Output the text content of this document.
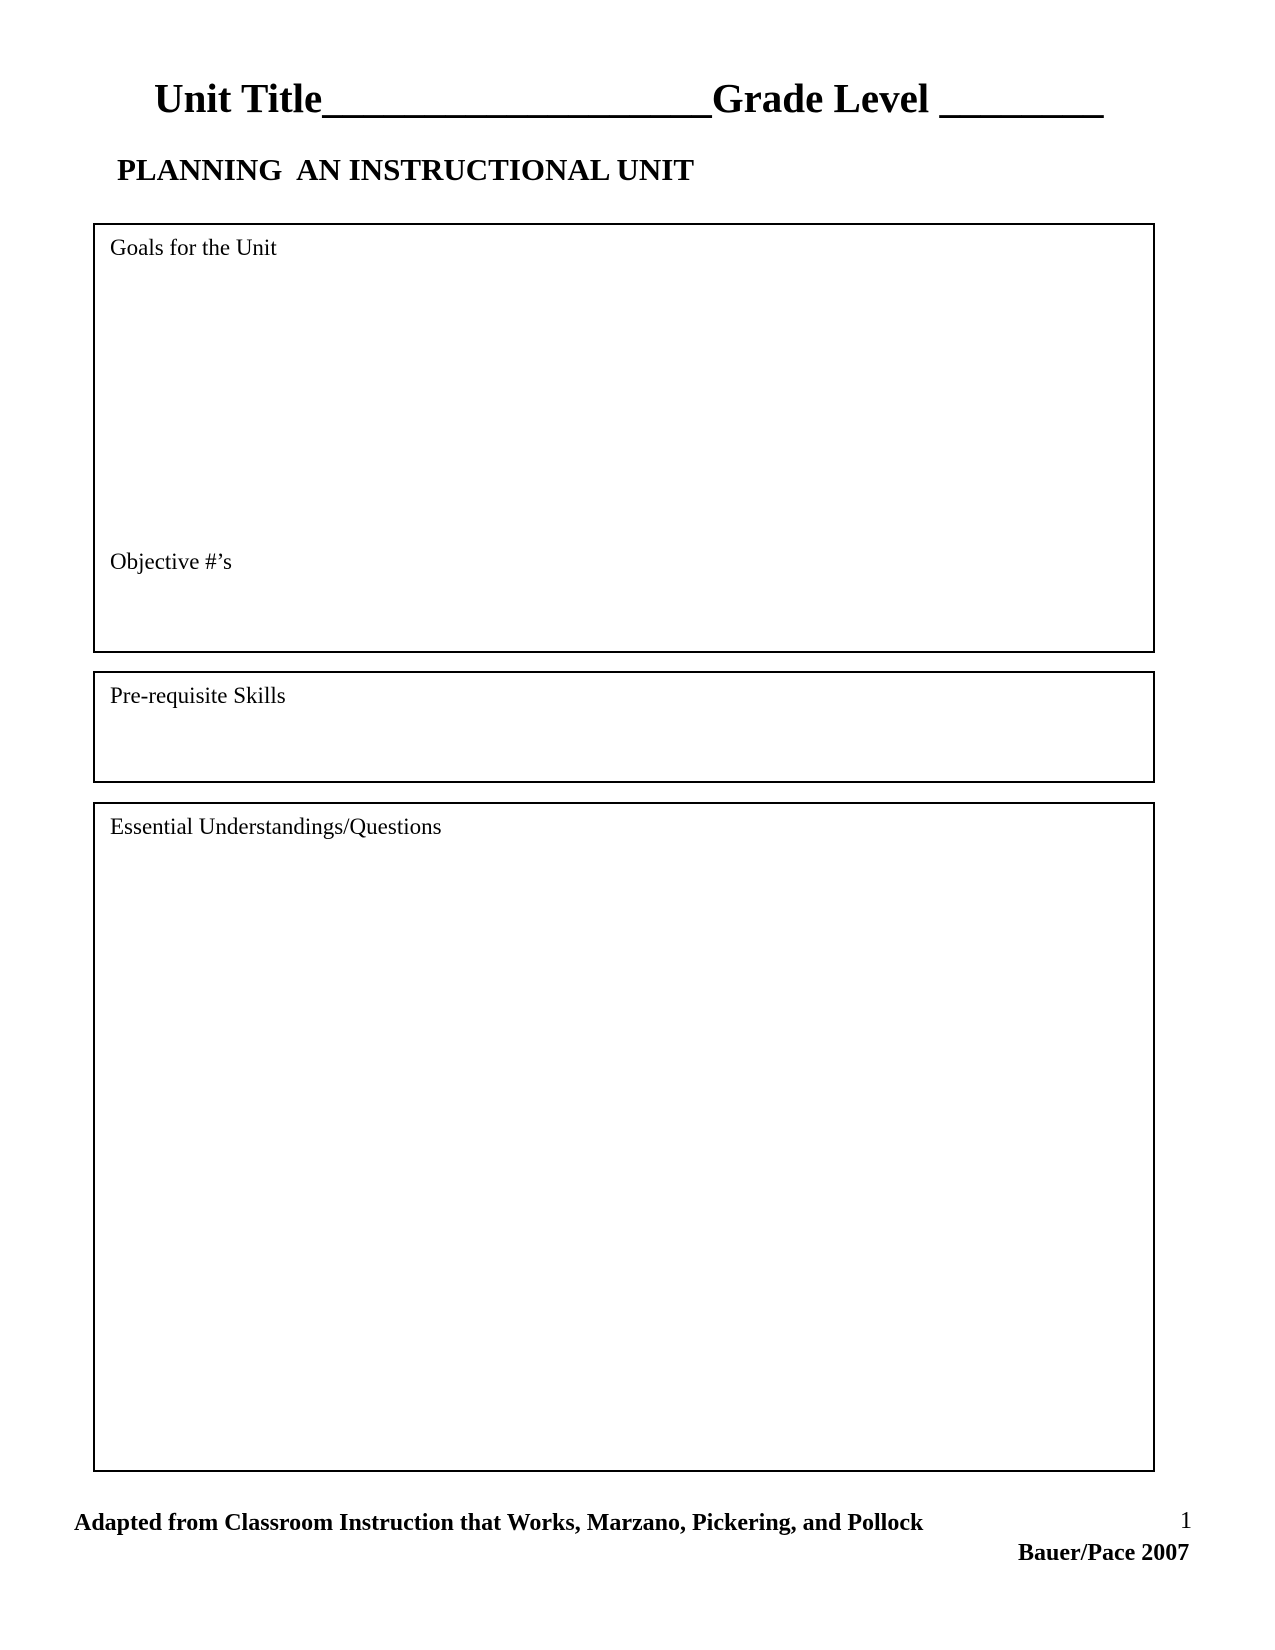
Unit Title___________________Grade Level ________
PLANNING  AN INSTRUCTIONAL UNIT
Goals for the Unit
Objective #’s
Pre-requisite Skills
Essential Understandings/Questions
Adapted from Classroom Instruction that Works, Marzano, Pickering, and Pollock	1
Bauer/Pace 2007
